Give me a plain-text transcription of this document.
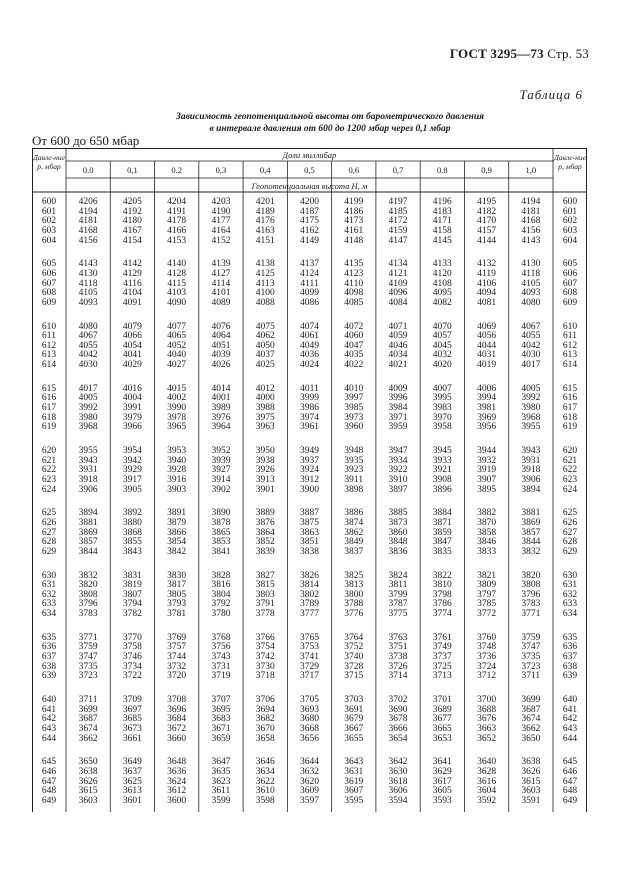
ГОСТ 3295—73 Стр. 53
Таблица 6
Зависимость геопотенциальной высоты от барометрического давления
в интервале давления от 600 до 1200 мбар через 0,1 мбар
От 600 до 650 мбар
Давле-ние p, мбар
Давле-ние p, мбар
Доли миллибар
Геопотенциальная высота H, м
0.0	0,1	0.2	0,3	0,4	0,5	0,6	0,7	0.8	0,9	1,0
600	4206	4205	4204	4203	4201	4200	4199	4197	4196	4195	4194	600
601	4194	4192	4191	4190	4189	4187	4186	4185	4183	4182	4181	601
602	4181	4180	4178	4177	4176	4175	4173	4172	4171	4170	4168	602
603	4168	4167	4166	4164	4163	4162	4161	4159	4158	4157	4156	603
604	4156	4154	4153	4152	4151	4149	4148	4147	4145	4144	4143	604
605	4143	4142	4140	4139	4138	4137	4135	4134	4133	4132	4130	605
606	4130	4129	4128	4127	4125	4124	4123	4121	4120	4119	4118	606
607	4118	4116	4115	4114	4113	4111	4110	4109	4108	4106	4105	607
608	4105	4104	4103	4101	4100	4099	4098	4096	4095	4094	4093	608
609	4093	4091	4090	4089	4088	4086	4085	4084	4082	4081	4080	609
610	4080	4079	4077	4076	4075	4074	4072	4071	4070	4069	4067	610
611	4067	4066	4065	4064	4062	4061	4060	4059	4057	4056	4055	611
612	4055	4054	4052	4051	4050	4049	4047	4046	4045	4044	4042	612
613	4042	4041	4040	4039	4037	4036	4035	4034	4032	4031	4030	613
614	4030	4029	4027	4026	4025	4024	4022	4021	4020	4019	4017	614
615	4017	4016	4015	4014	4012	4011	4010	4009	4007	4006	4005	615
616	4005	4004	4002	4001	4000	3999	3997	3996	3995	3994	3992	616
617	3992	3991	3990	3989	3988	3986	3985	3984	3983	3981	3980	617
618	3980	3979	3978	3976	3975	3974	3973	3971	3970	3969	3968	618
619	3968	3966	3965	3964	3963	3961	3960	3959	3958	3956	3955	619
620	3955	3954	3953	3952	3950	3949	3948	3947	3945	3944	3943	620
621	3943	3942	3940	3939	3938	3937	3935	3934	3933	3932	3931	621
622	3931	3929	3928	3927	3926	3924	3923	3922	3921	3919	3918	622
623	3918	3917	3916	3914	3913	3912	3911	3910	3908	3907	3906	623
624	3906	3905	3903	3902	3901	3900	3898	3897	3896	3895	3894	624
625	3894	3892	3891	3890	3889	3887	3886	3885	3884	3882	3881	625
626	3881	3880	3879	3878	3876	3875	3874	3873	3871	3870	3869	626
627	3869	3868	3866	3865	3864	3863	3862	3860	3859	3858	3857	627
628	3857	3855	3854	3853	3852	3851	3849	3848	3847	3846	3844	628
629	3844	3843	3842	3841	3839	3838	3837	3836	3835	3833	3832	629
630	3832	3831	3830	3828	3827	3826	3825	3824	3822	3821	3820	630
631	3820	3819	3817	3816	3815	3814	3813	3811	3810	3809	3808	631
632	3808	3807	3805	3804	3803	3802	3800	3799	3798	3797	3796	632
633	3796	3794	3793	3792	3791	3789	3788	3787	3786	3785	3783	633
634	3783	3782	3781	3780	3778	3777	3776	3775	3774	3772	3771	634
635	3771	3770	3769	3768	3766	3765	3764	3763	3761	3760	3759	635
636	3759	3758	3757	3756	3754	3753	3752	3751	3749	3748	3747	636
637	3747	3746	3744	3743	3742	3741	3740	3738	3737	3736	3735	637
638	3735	3734	3732	3731	3730	3729	3728	3726	3725	3724	3723	638
639	3723	3722	3720	3719	3718	3717	3715	3714	3713	3712	3711	639
640	3711	3709	3708	3707	3706	3705	3703	3702	3701	3700	3699	640
641	3699	3697	3696	3695	3694	3693	3691	3690	3689	3688	3687	641
642	3687	3685	3684	3683	3682	3680	3679	3678	3677	3676	3674	642
643	3674	3673	3672	3671	3670	3668	3667	3666	3665	3663	3662	643
644	3662	3661	3660	3659	3658	3656	3655	3654	3653	3652	3650	644
645	3650	3649	3648	3647	3646	3644	3643	3642	3641	3640	3638	645
646	3638	3637	3636	3635	3634	3632	3631	3630	3629	3628	3626	646
647	3626	3625	3624	3623	3622	3620	3619	3618	3617	3616	3615	647
648	3615	3613	3612	3611	3610	3609	3607	3606	3605	3604	3603	648
649	3603	3601	3600	3599	3598	3597	3595	3594	3593	3592	3591	649
